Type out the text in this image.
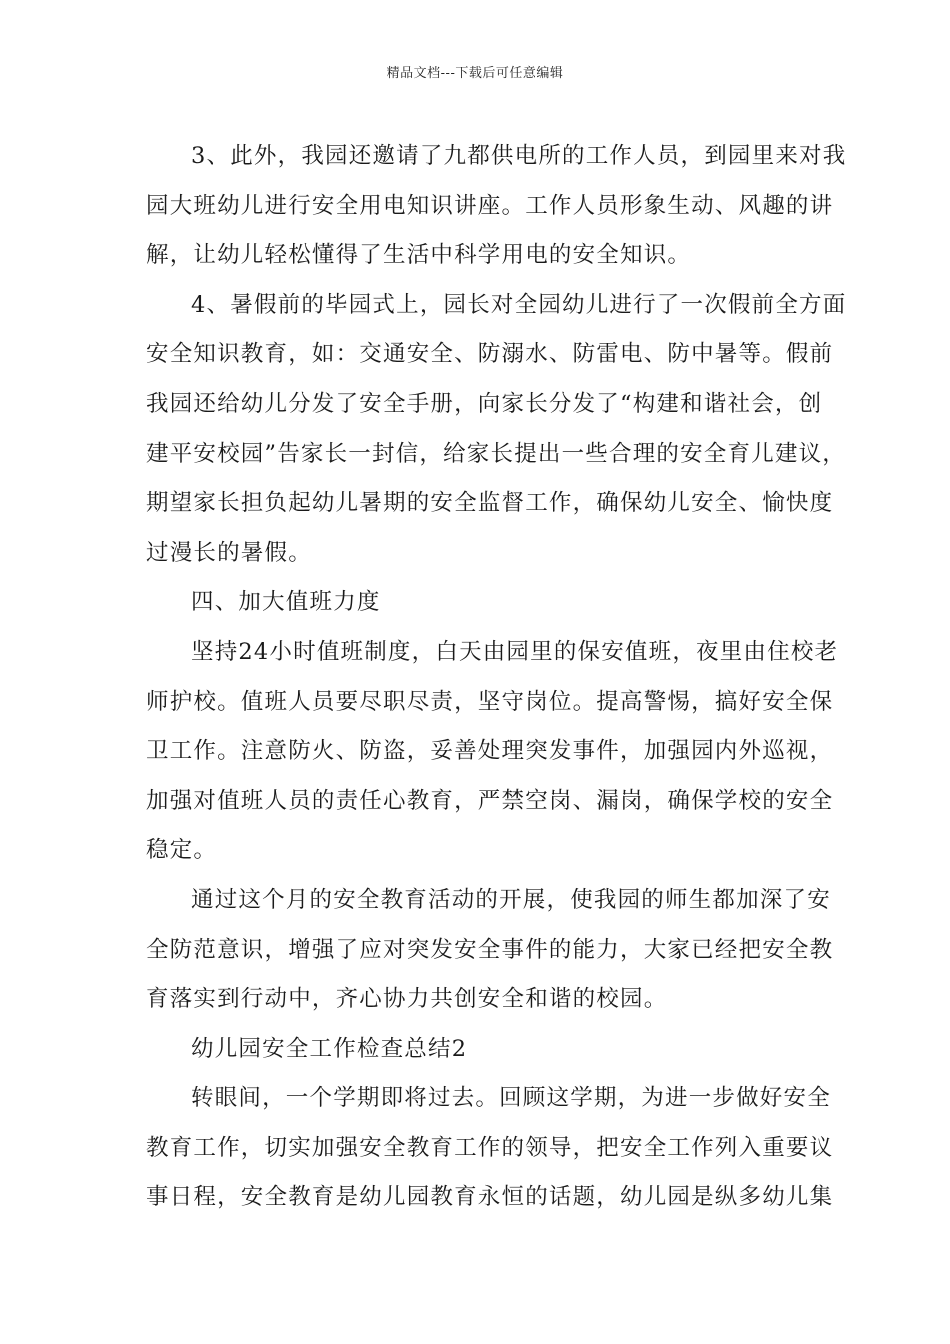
精品文档---下载后可任意编辑
3、此外，我园还邀请了九都供电所的工作人员，到园里来对我
园大班幼儿进行安全用电知识讲座。工作人员形象生动、风趣的讲
解，让幼儿轻松懂得了生活中科学用电的安全知识。
4、暑假前的毕园式上，园长对全园幼儿进行了一次假前全方面
安全知识教育，如：交通安全、防溺水、防雷电、防中暑等。假前
我园还给幼儿分发了安全手册，向家长分发了“构建和谐社会，创
建平安校园”告家长一封信，给家长提出一些合理的安全育儿建议，
期望家长担负起幼儿暑期的安全监督工作，确保幼儿安全、愉快度
过漫长的暑假。
四、加大值班力度
坚持24小时值班制度，白天由园里的保安值班，夜里由住校老
师护校。值班人员要尽职尽责，坚守岗位。提高警惕，搞好安全保
卫工作。注意防火、防盗，妥善处理突发事件，加强园内外巡视，
加强对值班人员的责任心教育，严禁空岗、漏岗，确保学校的安全
稳定。
通过这个月的安全教育活动的开展，使我园的师生都加深了安
全防范意识，增强了应对突发安全事件的能力，大家已经把安全教
育落实到行动中，齐心协力共创安全和谐的校园。
幼儿园安全工作检查总结2
转眼间，一个学期即将过去。回顾这学期，为进一步做好安全
教育工作，切实加强安全教育工作的领导，把安全工作列入重要议
事日程，安全教育是幼儿园教育永恒的话题，幼儿园是纵多幼儿集
